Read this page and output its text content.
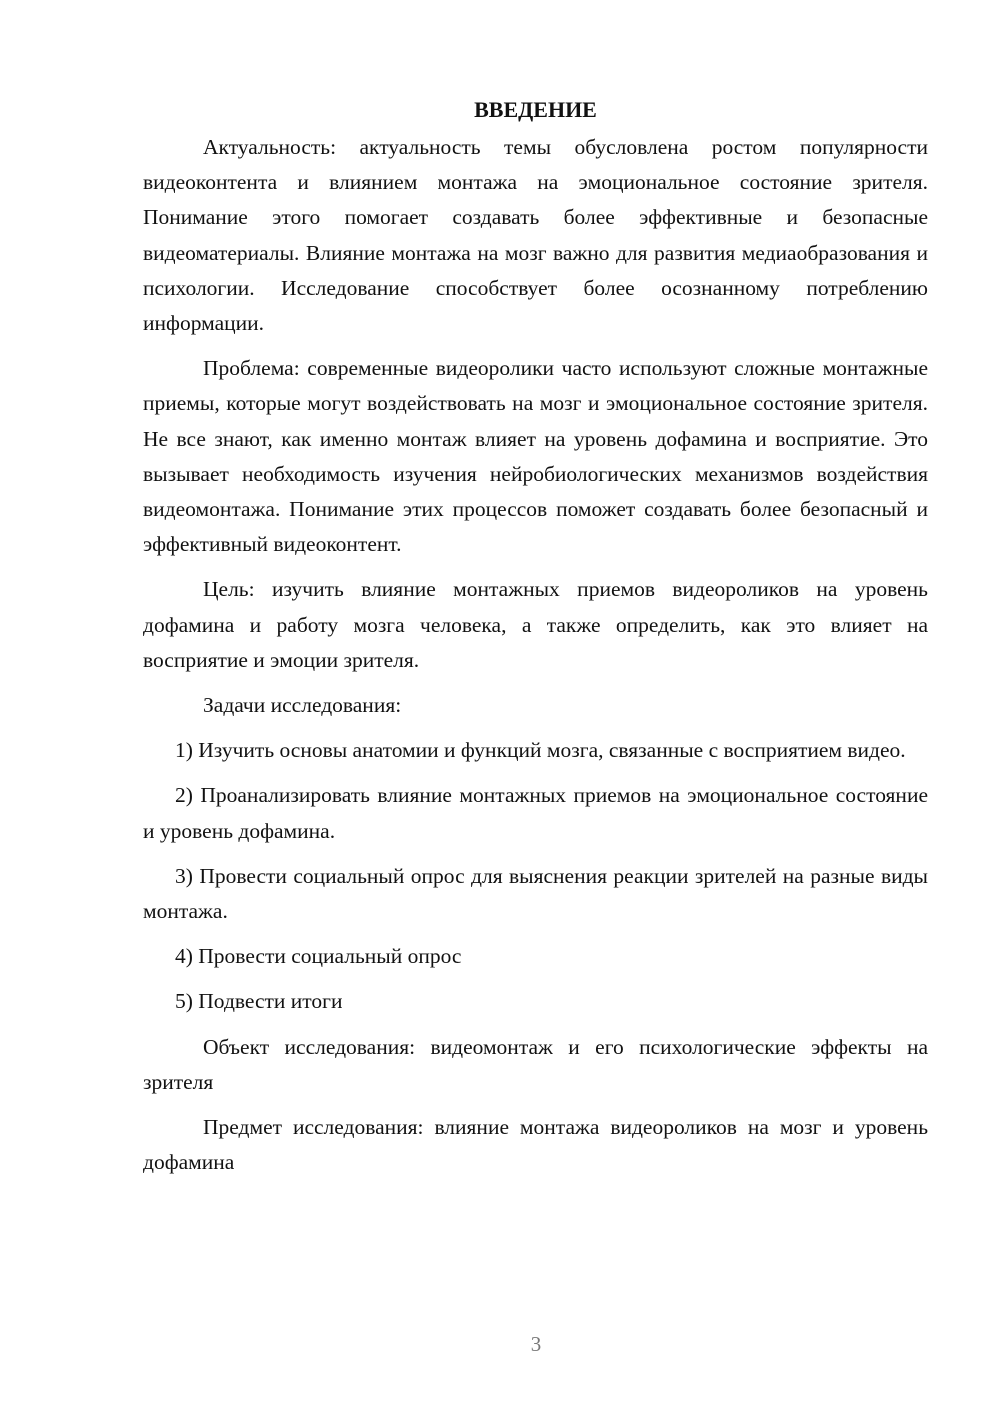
ВВЕДЕНИЕ

Актуальность: актуальность темы обусловлена ростом популярности видеоконтента и влиянием монтажа на эмоциональное состояние зрителя. Понимание этого помогает создавать более эффективные и безопасные видеоматериалы. Влияние монтажа на мозг важно для развития медиаобразования и психологии. Исследование способствует более осознанному потреблению информации.

Проблема: современные видеоролики часто используют сложные монтажные приемы, которые могут воздействовать на мозг и эмоциональное состояние зрителя. Не все знают, как именно монтаж влияет на уровень дофамина и восприятие. Это вызывает необходимость изучения нейробиологических механизмов воздействия видеомонтажа. Понимание этих процессов поможет создавать более безопасный и эффективный видеоконтент.

Цель: изучить влияние монтажных приемов видеороликов на уровень дофамина и работу мозга человека, а также определить, как это влияет на восприятие и эмоции зрителя.

Задачи исследования:

1) Изучить основы анатомии и функций мозга, связанные с восприятием видео.

2) Проанализировать влияние монтажных приемов на эмоциональное состояние и уровень дофамина.

3) Провести социальный опрос для выяснения реакции зрителей на разные виды монтажа.

4) Провести социальный опрос

5) Подвести итоги

Объект исследования: видеомонтаж и его психологические эффекты на зрителя

Предмет исследования: влияние монтажа видеороликов на мозг и уровень дофамина

3
